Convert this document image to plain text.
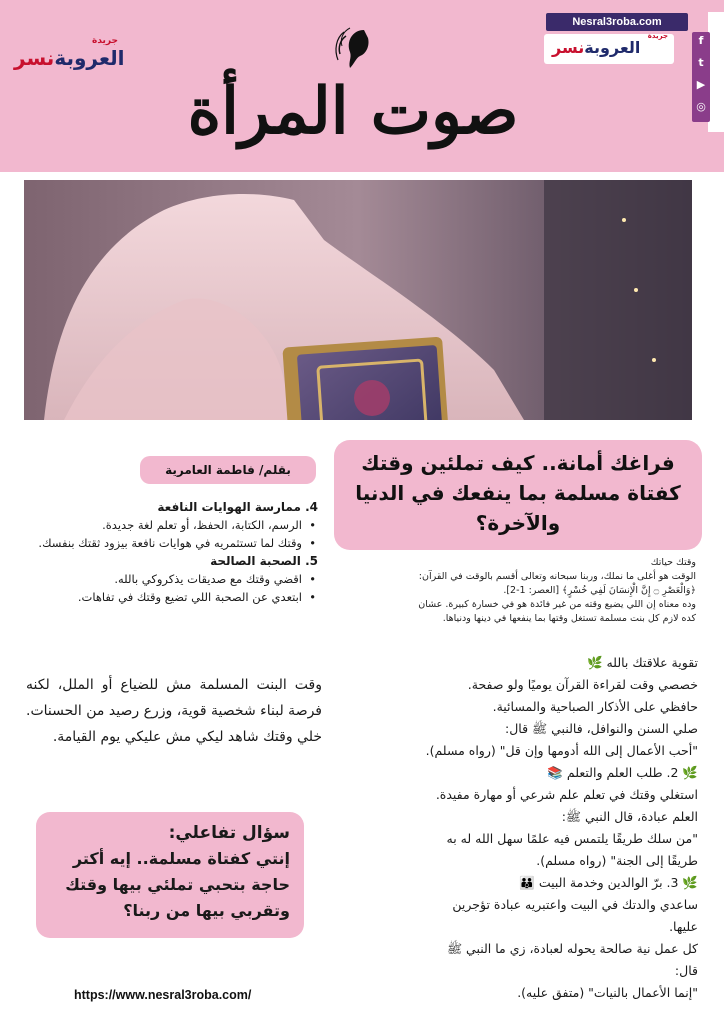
جريدة
العروبةنسر
صوت المرأة
Nesral3roba.com
جريدة
العروبةنسر	f
t
▶
◎
فراغك أمانة.. كيف تملئين وقتك كفتاة مسلمة بما ينفعك في الدنيا والآخرة؟

وقتك حياتك

الوقت هو أغلى ما نملك، وربنا سبحانه وتعالى أقسم بالوقت في القرآن:

﴿وَالْعَصْرِ ۝ إِنَّ الْإِنسَانَ لَفِي خُسْرٍ﴾ [العصر: 1-2].

وده معناه إن اللي يضيع وقته من غير فائدة هو في خسارة كبيرة. عشان

كده لازم كل بنت مسلمة تستغل وقتها بما ينفعها في دينها ودنياها.

تقوية علاقتك بالله 🌿

خصصي وقت لقراءة القرآن يوميًا ولو صفحة.

حافظي على الأذكار الصباحية والمسائية.

صلي السنن والنوافل، فالنبي ﷺ قال:

"أحب الأعمال إلى الله أدومها وإن قل" (رواه مسلم).

🌿 2. طلب العلم والتعلم 📚

استغلي وقتك في تعلم علم شرعي أو مهارة مفيدة.

العلم عبادة، قال النبي ﷺ:

"من سلك طريقًا يلتمس فيه علمًا سهل الله له به

طريقًا إلى الجنة" (رواه مسلم).

🌿 3. برّ الوالدين وخدمة البيت 👪

ساعدي والدتك في البيت واعتبريه عبادة تؤجرين

عليها.

كل عمل نية صالحة يحوله لعبادة، زي ما النبي ﷺ

قال:

"إنما الأعمال بالنيات" (متفق عليه).

بقلم/ فاطمة العامرية
4. ممارسة الهوايات النافعة
• الرسم، الكتابة، الحفظ، أو تعلم لغة جديدة.
• وقتك لما تستثمريه في هوايات نافعة بيزود ثقتك بنفسك.
5. الصحبة الصالحة
• اقضي وقتك مع صديقات يذكروكي بالله.
• ابتعدي عن الصحبة اللي تضيع وقتك في تفاهات.
وقت البنت المسلمة مش للضياع أو الملل، لكنه فرصة لبناء شخصية قوية، وزرع رصيد من الحسنات. خلي وقتك شاهد ليكي مش عليكي يوم القيامة.
سؤال تفاعلي:
إنتي كفتاة مسلمة.. إيه أكتر حاجة بتحبي تملئي بيها وقتك وتقربي بيها من ربنا؟
https://www.nesral3roba.com/
